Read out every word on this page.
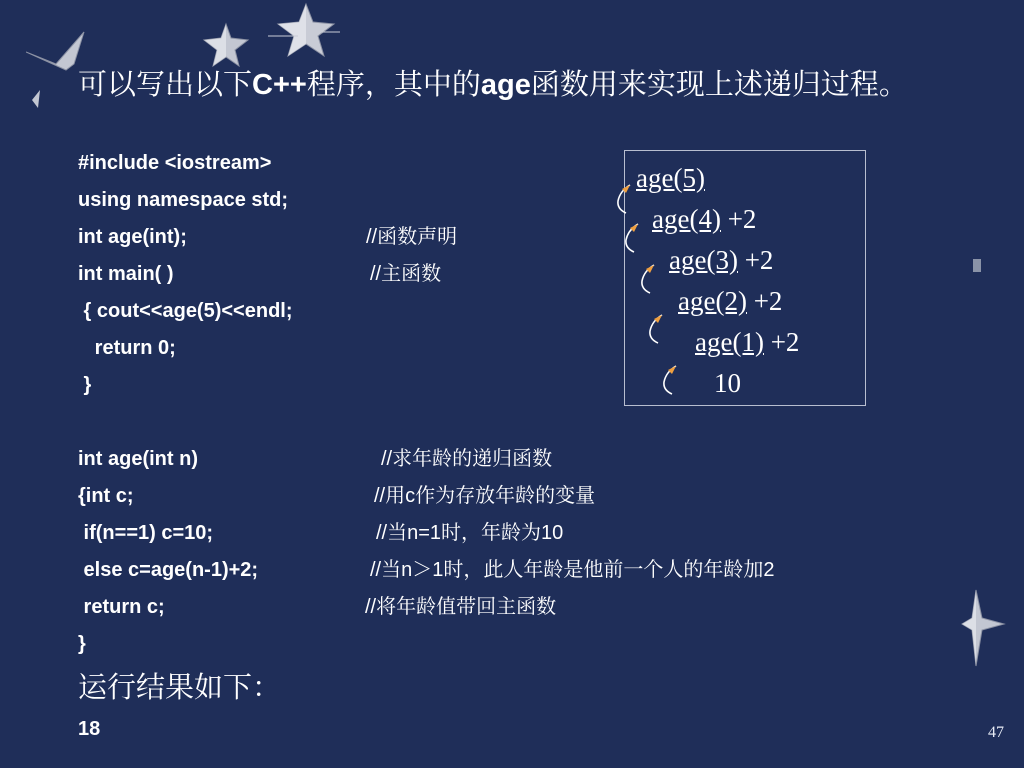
可以写出以下C++程序，其中的age函数用来实现上述递归过程。
#include <iostream>
using namespace std;
int age(int);	//函数声明
int main( )	//主函数
{ cout<<age(5)<<endl;
return 0;
}
int age(int n)	//求年龄的递归函数
{int c;	//用c作为存放年龄的变量
if(n==1) c=10;	//当n=1时，年龄为10
else c=age(n-1)+2;	//当n＞1时，此人年龄是他前一个人的年龄加2
return c;	//将年龄值带回主函数
}
运行结果如下：
18	47
age(5)
age(4) +2
age(3) +2
age(2) +2
age(1) +2
10
